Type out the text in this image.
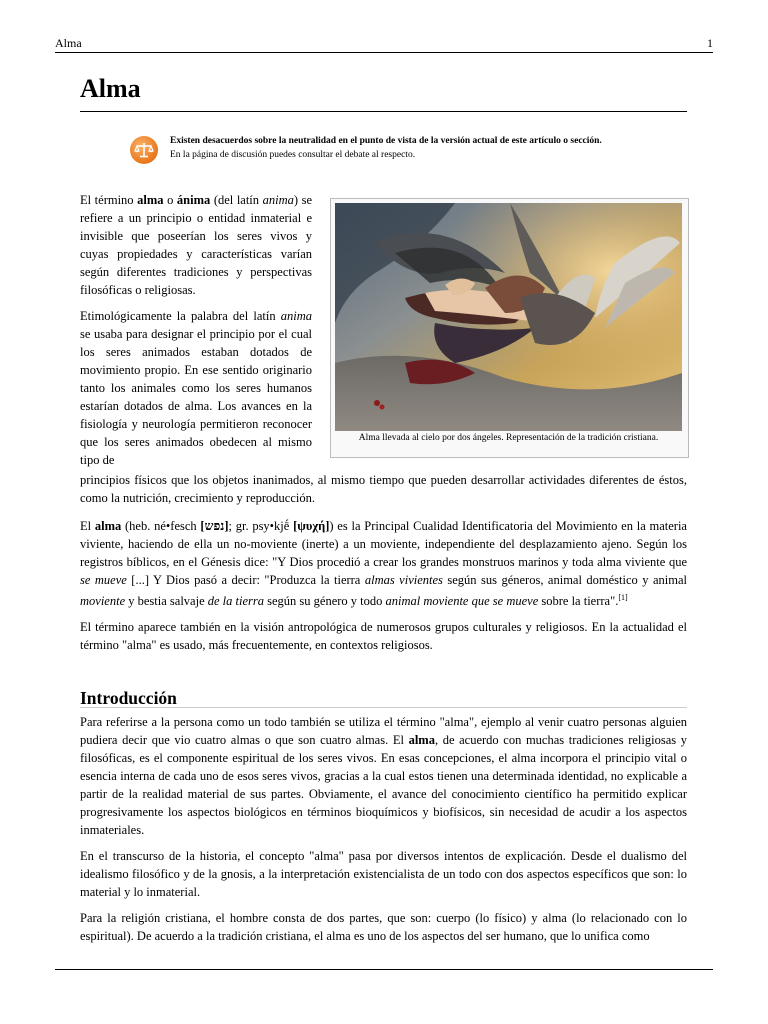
Alma	1
Alma
Existen desacuerdos sobre la neutralidad en el punto de vista de la versión actual de este artículo o sección.
En la página de discusión puedes consultar el debate al respecto.

El término alma o ánima (del latín anima) se refiere a un principio o entidad inmaterial e invisible que poseerían los seres vivos y cuyas propiedades y características varían según diferentes tradiciones y perspectivas filosóficas o religiosas.

Etimológicamente la palabra del latín anima se usaba para designar el principio por el cual los seres animados estaban dotados de movimiento propio. En ese sentido originario tanto los animales como los seres humanos estarían dotados de alma. Los avances en la fisiología y neurología permitieron reconocer que los seres animados obedecen al mismo tipo de

Alma llevada al cielo por dos ángeles. Representación de la tradición cristiana.

principios físicos que los objetos inanimados, al mismo tiempo que pueden desarrollar actividades diferentes de éstos, como la nutrición, crecimiento y reproducción.

El alma (heb. né•fesch [נפש]; gr. psy•kjḗ [ψυχή]) es la Principal Cualidad Identificatoria del Movimiento en la materia viviente, haciendo de ella un no-moviente (inerte) a un moviente, independiente del desplazamiento ajeno. Según los registros bíblicos, en el Génesis dice: "Y Dios procedió a crear los grandes monstruos marinos y toda alma viviente que se mueve [...] Y Dios pasó a decir: "Produzca la tierra almas vivientes según sus géneros, animal doméstico y animal moviente y bestia salvaje de la tierra según su género y todo animal moviente que se mueve sobre la tierra".[1]

El término aparece también en la visión antropológica de numerosos grupos culturales y religiosos. En la actualidad el término "alma" es usado, más frecuentemente, en contextos religiosos.

Introducción

Para referirse a la persona como un todo también se utiliza el término "alma", ejemplo al venir cuatro personas alguien pudiera decir que vio cuatro almas o que son cuatro almas. El alma, de acuerdo con muchas tradiciones religiosas y filosóficas, es el componente espiritual de los seres vivos. En esas concepciones, el alma incorpora el principio vital o esencia interna de cada uno de esos seres vivos, gracias a la cual estos tienen una determinada identidad, no explicable a partir de la realidad material de sus partes. Obviamente, el avance del conocimiento científico ha permitido explicar progresivamente los aspectos biológicos en términos bioquímicos y biofísicos, sin necesidad de acudir a los aspectos inmateriales.

En el transcurso de la historia, el concepto "alma" pasa por diversos intentos de explicación. Desde el dualismo del idealismo filosófico y de la gnosis, a la interpretación existencialista de un todo con dos aspectos específicos que son: lo material y lo inmaterial.

Para la religión cristiana, el hombre consta de dos partes, que son: cuerpo (lo físico) y alma (lo relacionado con lo espiritual). De acuerdo a la tradición cristiana, el alma es uno de los aspectos del ser humano, que lo unifica como
